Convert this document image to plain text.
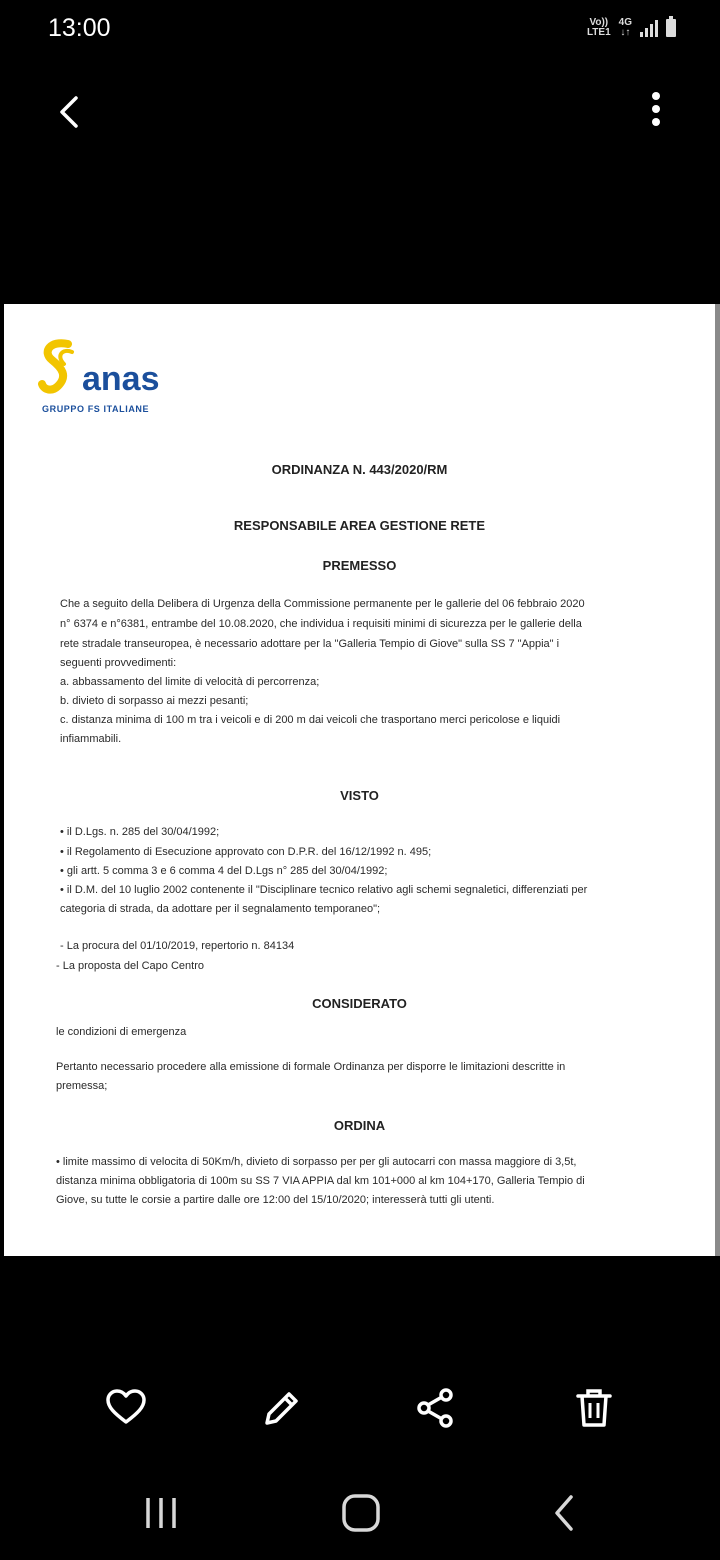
13:00	Vo))
LTE1
4G
↓↑
anas
GRUPPO FS ITALIANE
ORDINANZA N. 443/2020/RM
RESPONSABILE AREA GESTIONE RETE
PREMESSO
Che a seguito della Delibera di Urgenza della Commissione permanente per le gallerie del 06 febbraio 2020
n° 6374 e n°6381, entrambe del 10.08.2020, che individua i requisiti minimi di sicurezza per le gallerie della
rete stradale transeuropea, è necessario adottare per la "Galleria Tempio di Giove" sulla SS 7 "Appia" i
seguenti provvedimenti:
a. abbassamento del limite di velocità di percorrenza;
b. divieto di sorpasso ai mezzi pesanti;
c. distanza minima di 100 m tra i veicoli e di 200 m dai veicoli che trasportano merci pericolose e liquidi
infiammabili.
VISTO
• il D.Lgs. n. 285 del 30/04/1992;
• il Regolamento di Esecuzione approvato con D.P.R. del 16/12/1992 n. 495;
• gli artt. 5 comma 3 e 6 comma 4 del D.Lgs n° 285 del 30/04/1992;
• il D.M. del 10 luglio 2002 contenente il "Disciplinare tecnico relativo agli schemi segnaletici, differenziati per
categoria di strada, da adottare per il segnalamento temporaneo";
- La procura del 01/10/2019, repertorio n. 84134
- La proposta del Capo Centro
CONSIDERATO
le condizioni di emergenza
Pertanto necessario procedere alla emissione di formale Ordinanza per disporre le limitazioni descritte in
premessa;
ORDINA
• limite massimo di velocita di 50Km/h, divieto di sorpasso per per gli autocarri con massa maggiore di 3,5t,
distanza minima obbligatoria di 100m su SS 7 VIA APPIA dal km 101+000 al km 104+170, Galleria Tempio di
Giove, su tutte le corsie a partire dalle ore 12:00 del 15/10/2020; interesserà tutti gli utenti.
